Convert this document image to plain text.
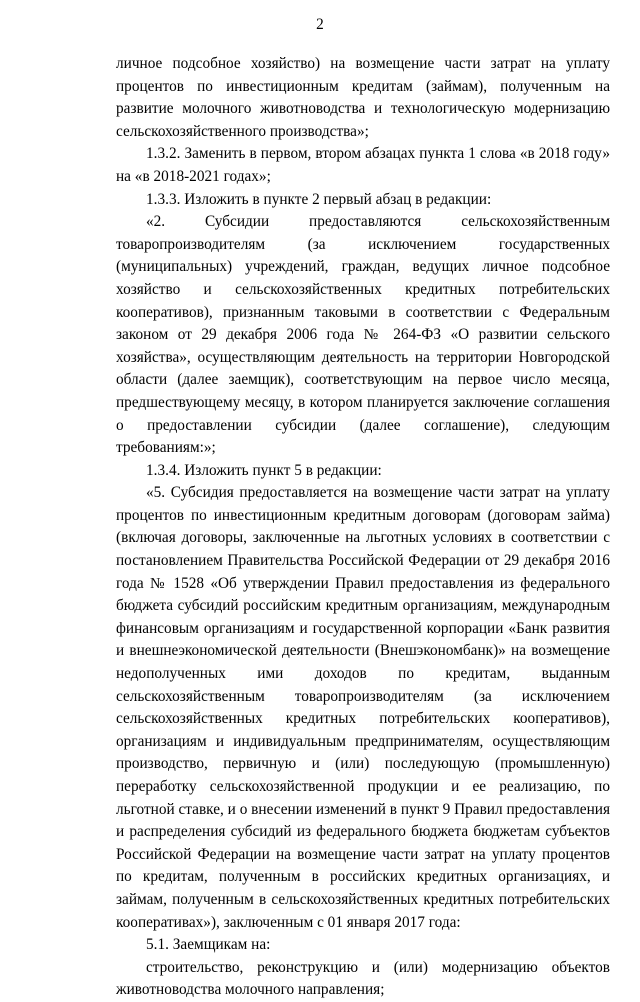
2

личное подсобное хозяйство) на возмещение части затрат на уплату процентов по инвестиционным кредитам (займам), полученным на развитие молочного животноводства и технологическую модернизацию сельскохозяйственного производства»;

1.3.2. Заменить в первом, втором абзацах пункта 1 слова «в 2018 году» на «в 2018-2021 годах»;

1.3.3. Изложить в пункте 2 первый абзац в редакции:

«2. Субсидии предоставляются сельскохозяйственным товаропроизводителям (за исключением государственных (муниципальных) учреждений, граждан, ведущих личное подсобное хозяйство и сельскохозяйственных кредитных потребительских кооперативов), признанным таковыми в соответствии с Федеральным законом от 29 декабря 2006 года № 264-ФЗ «О развитии сельского хозяйства», осуществляющим деятельность на территории Новгородской области (далее заемщик), соответствующим на первое число месяца, предшествующему месяцу, в котором планируется заключение соглашения о предоставлении субсидии (далее соглашение), следующим требованиям:»;

1.3.4. Изложить пункт 5 в редакции:

«5. Субсидия предоставляется на возмещение части затрат на уплату процентов по инвестиционным кредитным договорам (договорам займа) (включая договоры, заключенные на льготных условиях в соответствии с постановлением Правительства Российской Федерации от 29 декабря 2016 года № 1528 «Об утверждении Правил предоставления из федерального бюджета субсидий российским кредитным организациям, международным финансовым организациям и государственной корпорации «Банк развития и внешнеэкономической деятельности (Внешэкономбанк)» на возмещение недополученных ими доходов по кредитам, выданным сельскохозяйственным товаропроизводителям (за исключением сельскохозяйственных кредитных потребительских кооперативов), организациям и индивидуальным предпринимателям, осуществляющим производство, первичную и (или) последующую (промышленную) переработку сельскохозяйственной продукции и ее реализацию, по льготной ставке, и о внесении изменений в пункт 9 Правил предоставления и распределения субсидий из федерального бюджета бюджетам субъектов Российской Федерации на возмещение части затрат на уплату процентов по кредитам, полученным в российских кредитных организациях, и займам, полученным в сельскохозяйственных кредитных потребительских кооперативах»), заключенным с 01 января 2017 года:

5.1. Заемщикам на:

строительство, реконструкцию и (или) модернизацию объектов животноводства молочного направления;
